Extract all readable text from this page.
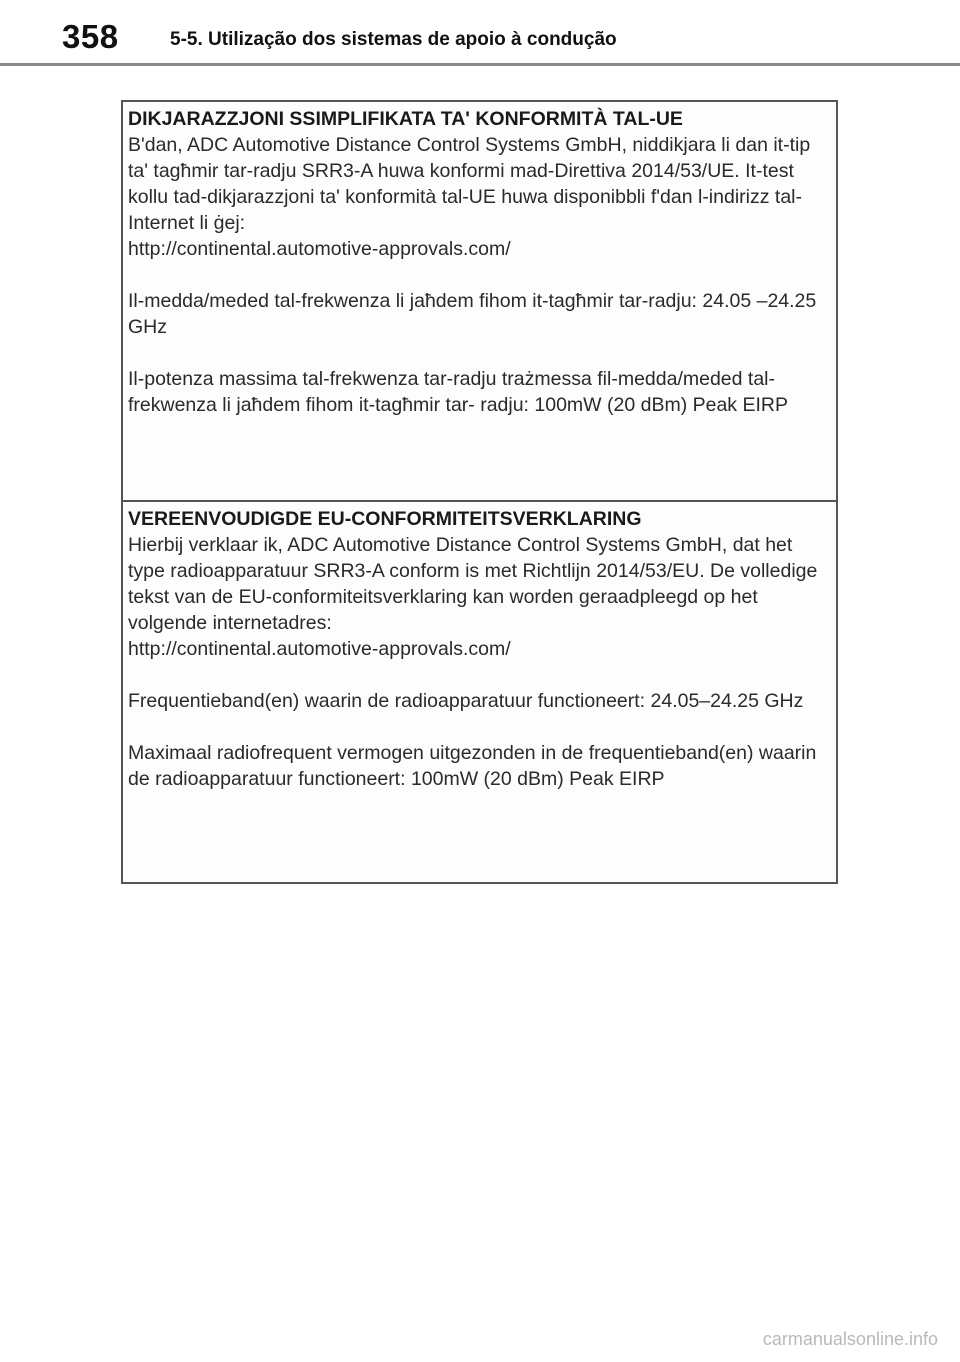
358	5-5. Utilização dos sistemas de apoio à condução
DIKJARAZZJONI SSIMPLIFIKATA TA' KONFORMITÀ TAL-UE

B'dan, ADC Automotive Distance Control Systems GmbH, niddikjara li dan it-tip ta' tagħmir tar-radju SRR3-A huwa konformi mad-Direttiva 2014/53/UE. It-test kollu tad-dikjarazzjoni ta' konformità tal-UE huwa disponibbli f'dan l-indirizz tal-Internet li ġej:

http://continental.automotive-approvals.com/

Il-medda/meded tal-frekwenza li jaħdem fihom it-tagħmir tar-radju: 24.05 –24.25 GHz

Il-potenza massima tal-frekwenza tar-radju trażmessa fil-medda/meded tal-frekwenza li jaħdem fihom it-tagħmir tar- radju: 100mW (20 dBm) Peak EIRP

VEREENVOUDIGDE EU-CONFORMITEITSVERKLARING

Hierbij verklaar ik, ADC Automotive Distance Control Systems GmbH, dat het type radioapparatuur SRR3-A conform is met Richtlijn 2014/53/EU. De volledige tekst van de EU-conformiteitsverklaring kan worden geraadpleegd op het volgende internetadres:

http://continental.automotive-approvals.com/

Frequentieband(en) waarin de radioapparatuur functioneert: 24.05–24.25 GHz

Maximaal radiofrequent vermogen uitgezonden in de frequentieband(en) waarin de radioapparatuur functioneert: 100mW (20 dBm) Peak EIRP

carmanualsonline.info
